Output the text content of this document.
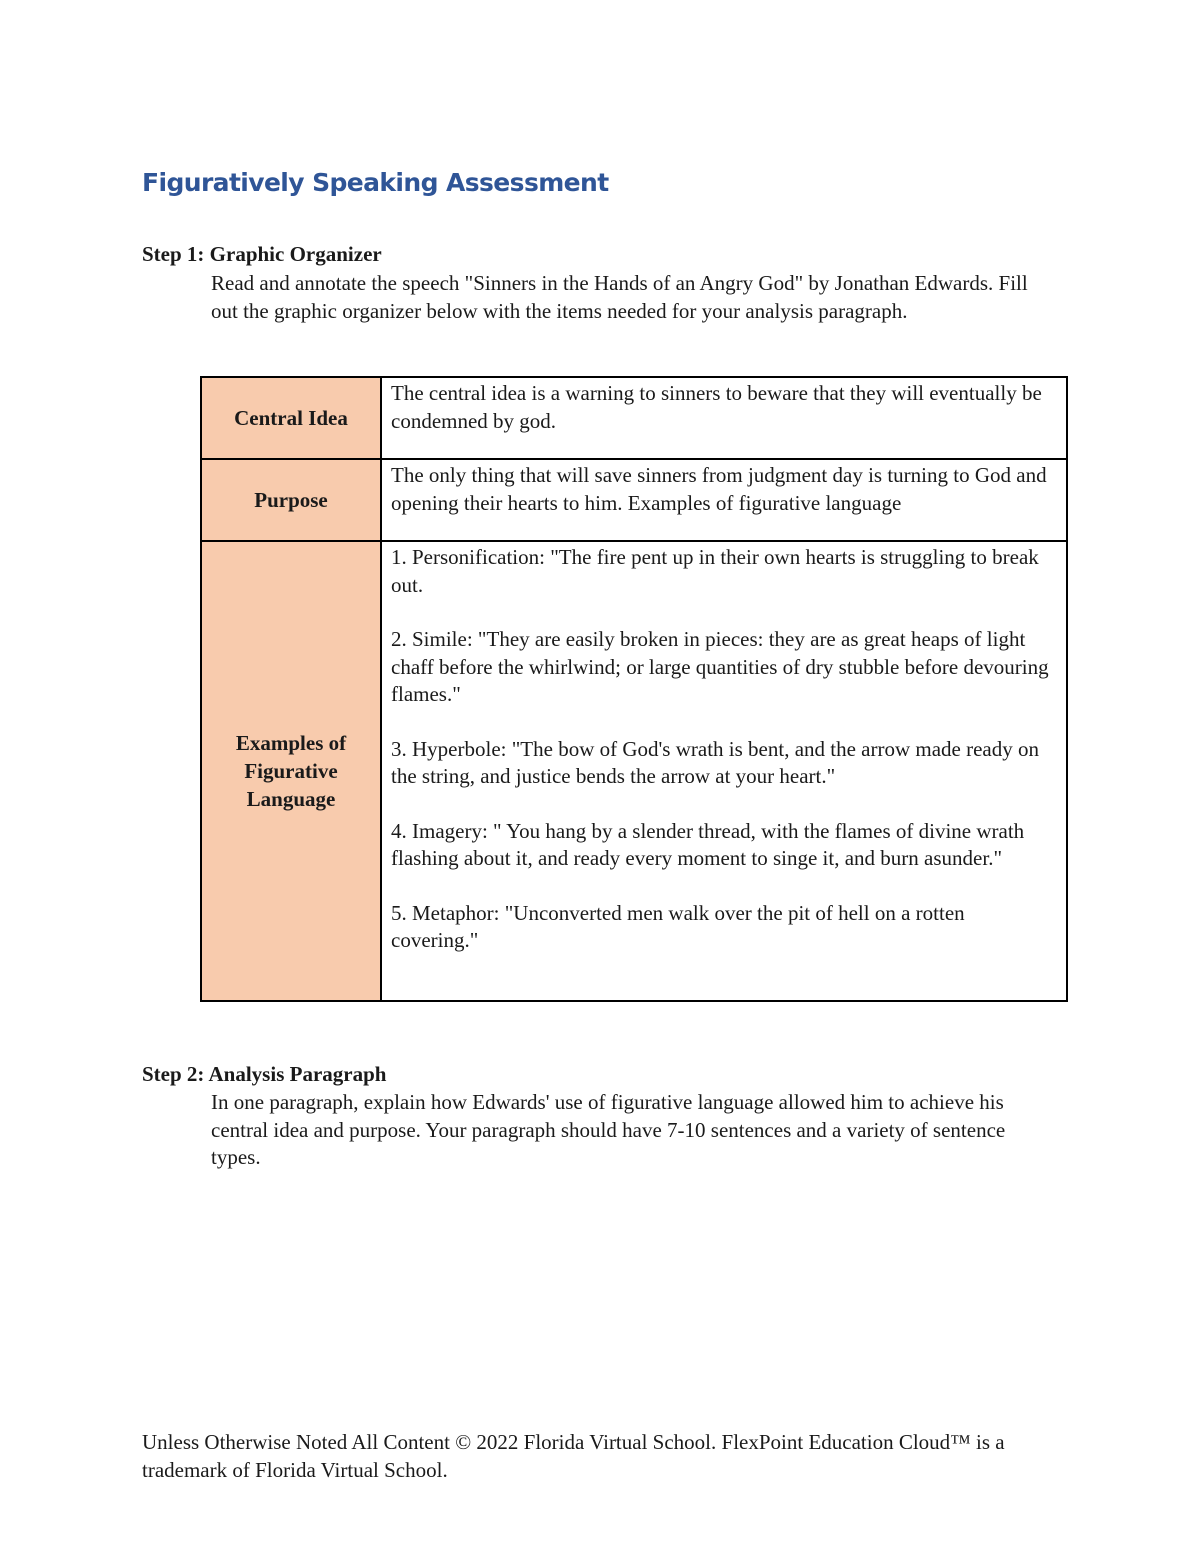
Figuratively Speaking Assessment

Step 1: Graphic Organizer

Read and annotate the speech "Sinners in the Hands of an Angry God" by Jonathan Edwards. Fill out the graphic organizer below with the items needed for your analysis paragraph.

Central Idea	The central idea is a warning to sinners to beware that they will eventually be condemned by god.
Purpose	The only thing that will save sinners from judgment day is turning to God and opening their hearts to him. Examples of figurative language
Examples of Figurative Language	1. Personification: "The fire pent up in their own hearts is struggling to break out.

2. Simile: "They are easily broken in pieces: they are as great heaps of light chaff before the whirlwind; or large quantities of dry stubble before devouring flames."

3. Hyperbole: "The bow of God's wrath is bent, and the arrow made ready on the string, and justice bends the arrow at your heart."

4. Imagery: " You hang by a slender thread, with the flames of divine wrath flashing about it, and ready every moment to singe it, and burn asunder."

5. Metaphor: "Unconverted men walk over the pit of hell on a rotten covering."

Step 2: Analysis Paragraph

In one paragraph, explain how Edwards' use of figurative language allowed him to achieve his central idea and purpose. Your paragraph should have 7-10 sentences and a variety of sentence types.

Unless Otherwise Noted All Content © 2022 Florida Virtual School. FlexPoint Education Cloud™ is a trademark of Florida Virtual School.
